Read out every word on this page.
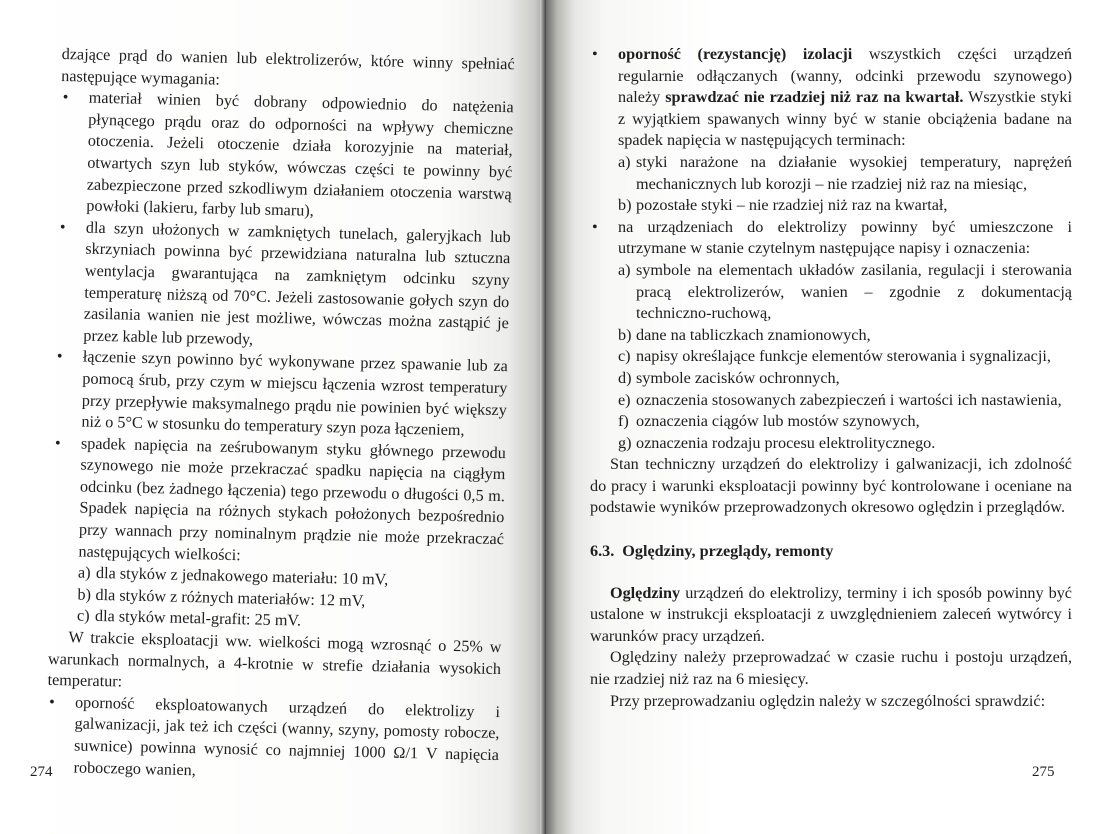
dzające prąd do wanien lub elektrolizerów, które winny spełniać następujące wymagania:

• materiał winien być dobrany odpowiednio do natężenia płynącego prądu oraz do odporności na wpływy chemiczne otoczenia. Jeżeli otoczenie działa korozyjnie na materiał, otwartych szyn lub styków, wówczas części te powinny być zabezpieczone przed szkodliwym działaniem otoczenia warstwą powłoki (lakieru, farby lub smaru),
• dla szyn ułożonych w zamkniętych tunelach, galeryjkach lub skrzyniach powinna być przewidziana naturalna lub sztuczna wentylacja gwarantująca na zamkniętym odcinku szyny temperaturę niższą od 70°C. Jeżeli zastosowanie gołych szyn do zasilania wanien nie jest możliwe, wówczas można zastąpić je przez kable lub przewody,
• łączenie szyn powinno być wykonywane przez spawanie lub za pomocą śrub, przy czym w miejscu łączenia wzrost temperatury przy przepływie maksymalnego prądu nie powinien być większy niż o 5°C w stosunku do temperatury szyn poza łączeniem,
• spadek napięcia na ześrubowanym styku głównego przewodu szynowego nie może przekraczać spadku napięcia na ciągłym odcinku (bez żadnego łączenia) tego przewodu o długości 0,5 m. Spadek napięcia na różnych stykach położonych bezpośrednio przy wannach przy nominalnym prądzie nie może przekraczać następujących wielkości:
a) dla styków z jednakowego materiału: 10 mV,
b) dla styków z różnych materiałów: 12 mV,
c) dla styków metal-grafit: 25 mV.

W trakcie eksploatacji ww. wielkości mogą wzrosnąć o 25% w warunkach normalnych, a 4-krotnie w strefie działania wysokich temperatur:

• oporność eksploatowanych urządzeń do elektrolizy i galwanizacji, jak też ich części (wanny, szyny, pomosty robocze, suwnice) powinna wynosić co najmniej 1000 Ω/1 V napięcia roboczego wanien,
274
• oporność (rezystancję) izolacji wszystkich części urządzeń regularnie odłączanych (wanny, odcinki przewodu szynowego) należy sprawdzać nie rzadziej niż raz na kwartał. Wszystkie styki z wyjątkiem spawanych winny być w stanie obciążenia badane na spadek napięcia w następujących terminach:
a) styki narażone na działanie wysokiej temperatury, naprężeń mechanicznych lub korozji – nie rzadziej niż raz na miesiąc,
b) pozostałe styki – nie rzadziej niż raz na kwartał,
• na urządzeniach do elektrolizy powinny być umieszczone i utrzymane w stanie czytelnym następujące napisy i oznaczenia:
a) symbole na elementach układów zasilania, regulacji i sterowania pracą elektrolizerów, wanien – zgodnie z dokumentacją techniczno-ruchową,
b) dane na tabliczkach znamionowych,
c) napisy określające funkcje elementów sterowania i sygnalizacji,
d) symbole zacisków ochronnych,
e) oznaczenia stosowanych zabezpieczeń i wartości ich nastawienia,
f) oznaczenia ciągów lub mostów szynowych,
g) oznaczenia rodzaju procesu elektrolitycznego.

Stan techniczny urządzeń do elektrolizy i galwanizacji, ich zdolność do pracy i warunki eksploatacji powinny być kontrolowane i oceniane na podstawie wyników przeprowadzonych okresowo oględzin i przeglądów.

6.3. Oględziny, przeglądy, remonty

Oględziny urządzeń do elektrolizy, terminy i ich sposób powinny być ustalone w instrukcji eksploatacji z uwzględnieniem zaleceń wytwórcy i warunków pracy urządzeń.

Oględziny należy przeprowadzać w czasie ruchu i postoju urządzeń, nie rzadziej niż raz na 6 miesięcy.

Przy przeprowadzaniu oględzin należy w szczególności sprawdzić:

275
